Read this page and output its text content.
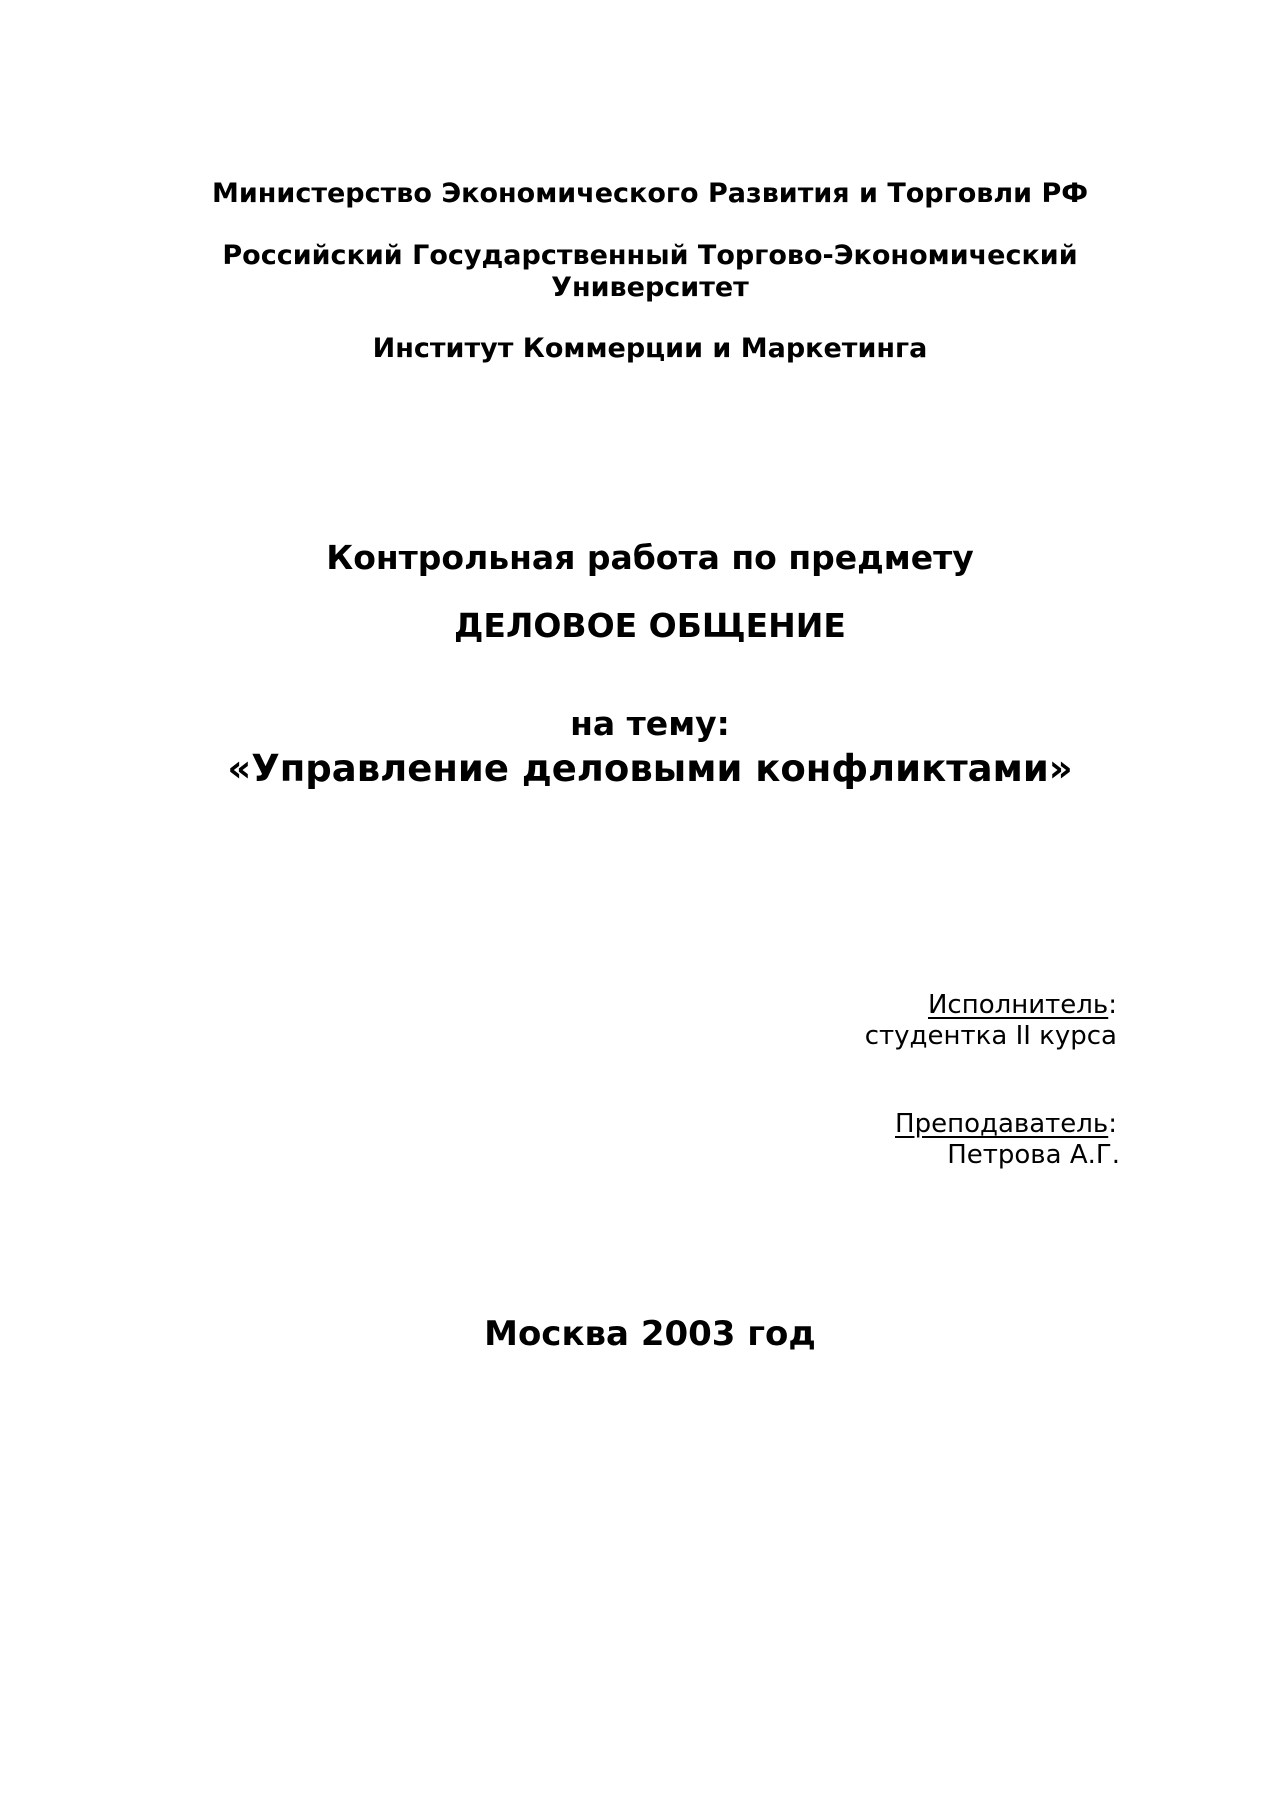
Министерство Экономического Развития и Торговли РФ
Российский Государственный Торгово-Экономический
Университет
Институт Коммерции и Маркетинга
Контрольная работа по предмету
ДЕЛОВОЕ ОБЩЕНИЕ
на тему:
«Управление деловыми конфликтами»
Исполнитель:
студентка II курса
Преподаватель:
Петрова А.Г.
Москва 2003 год
